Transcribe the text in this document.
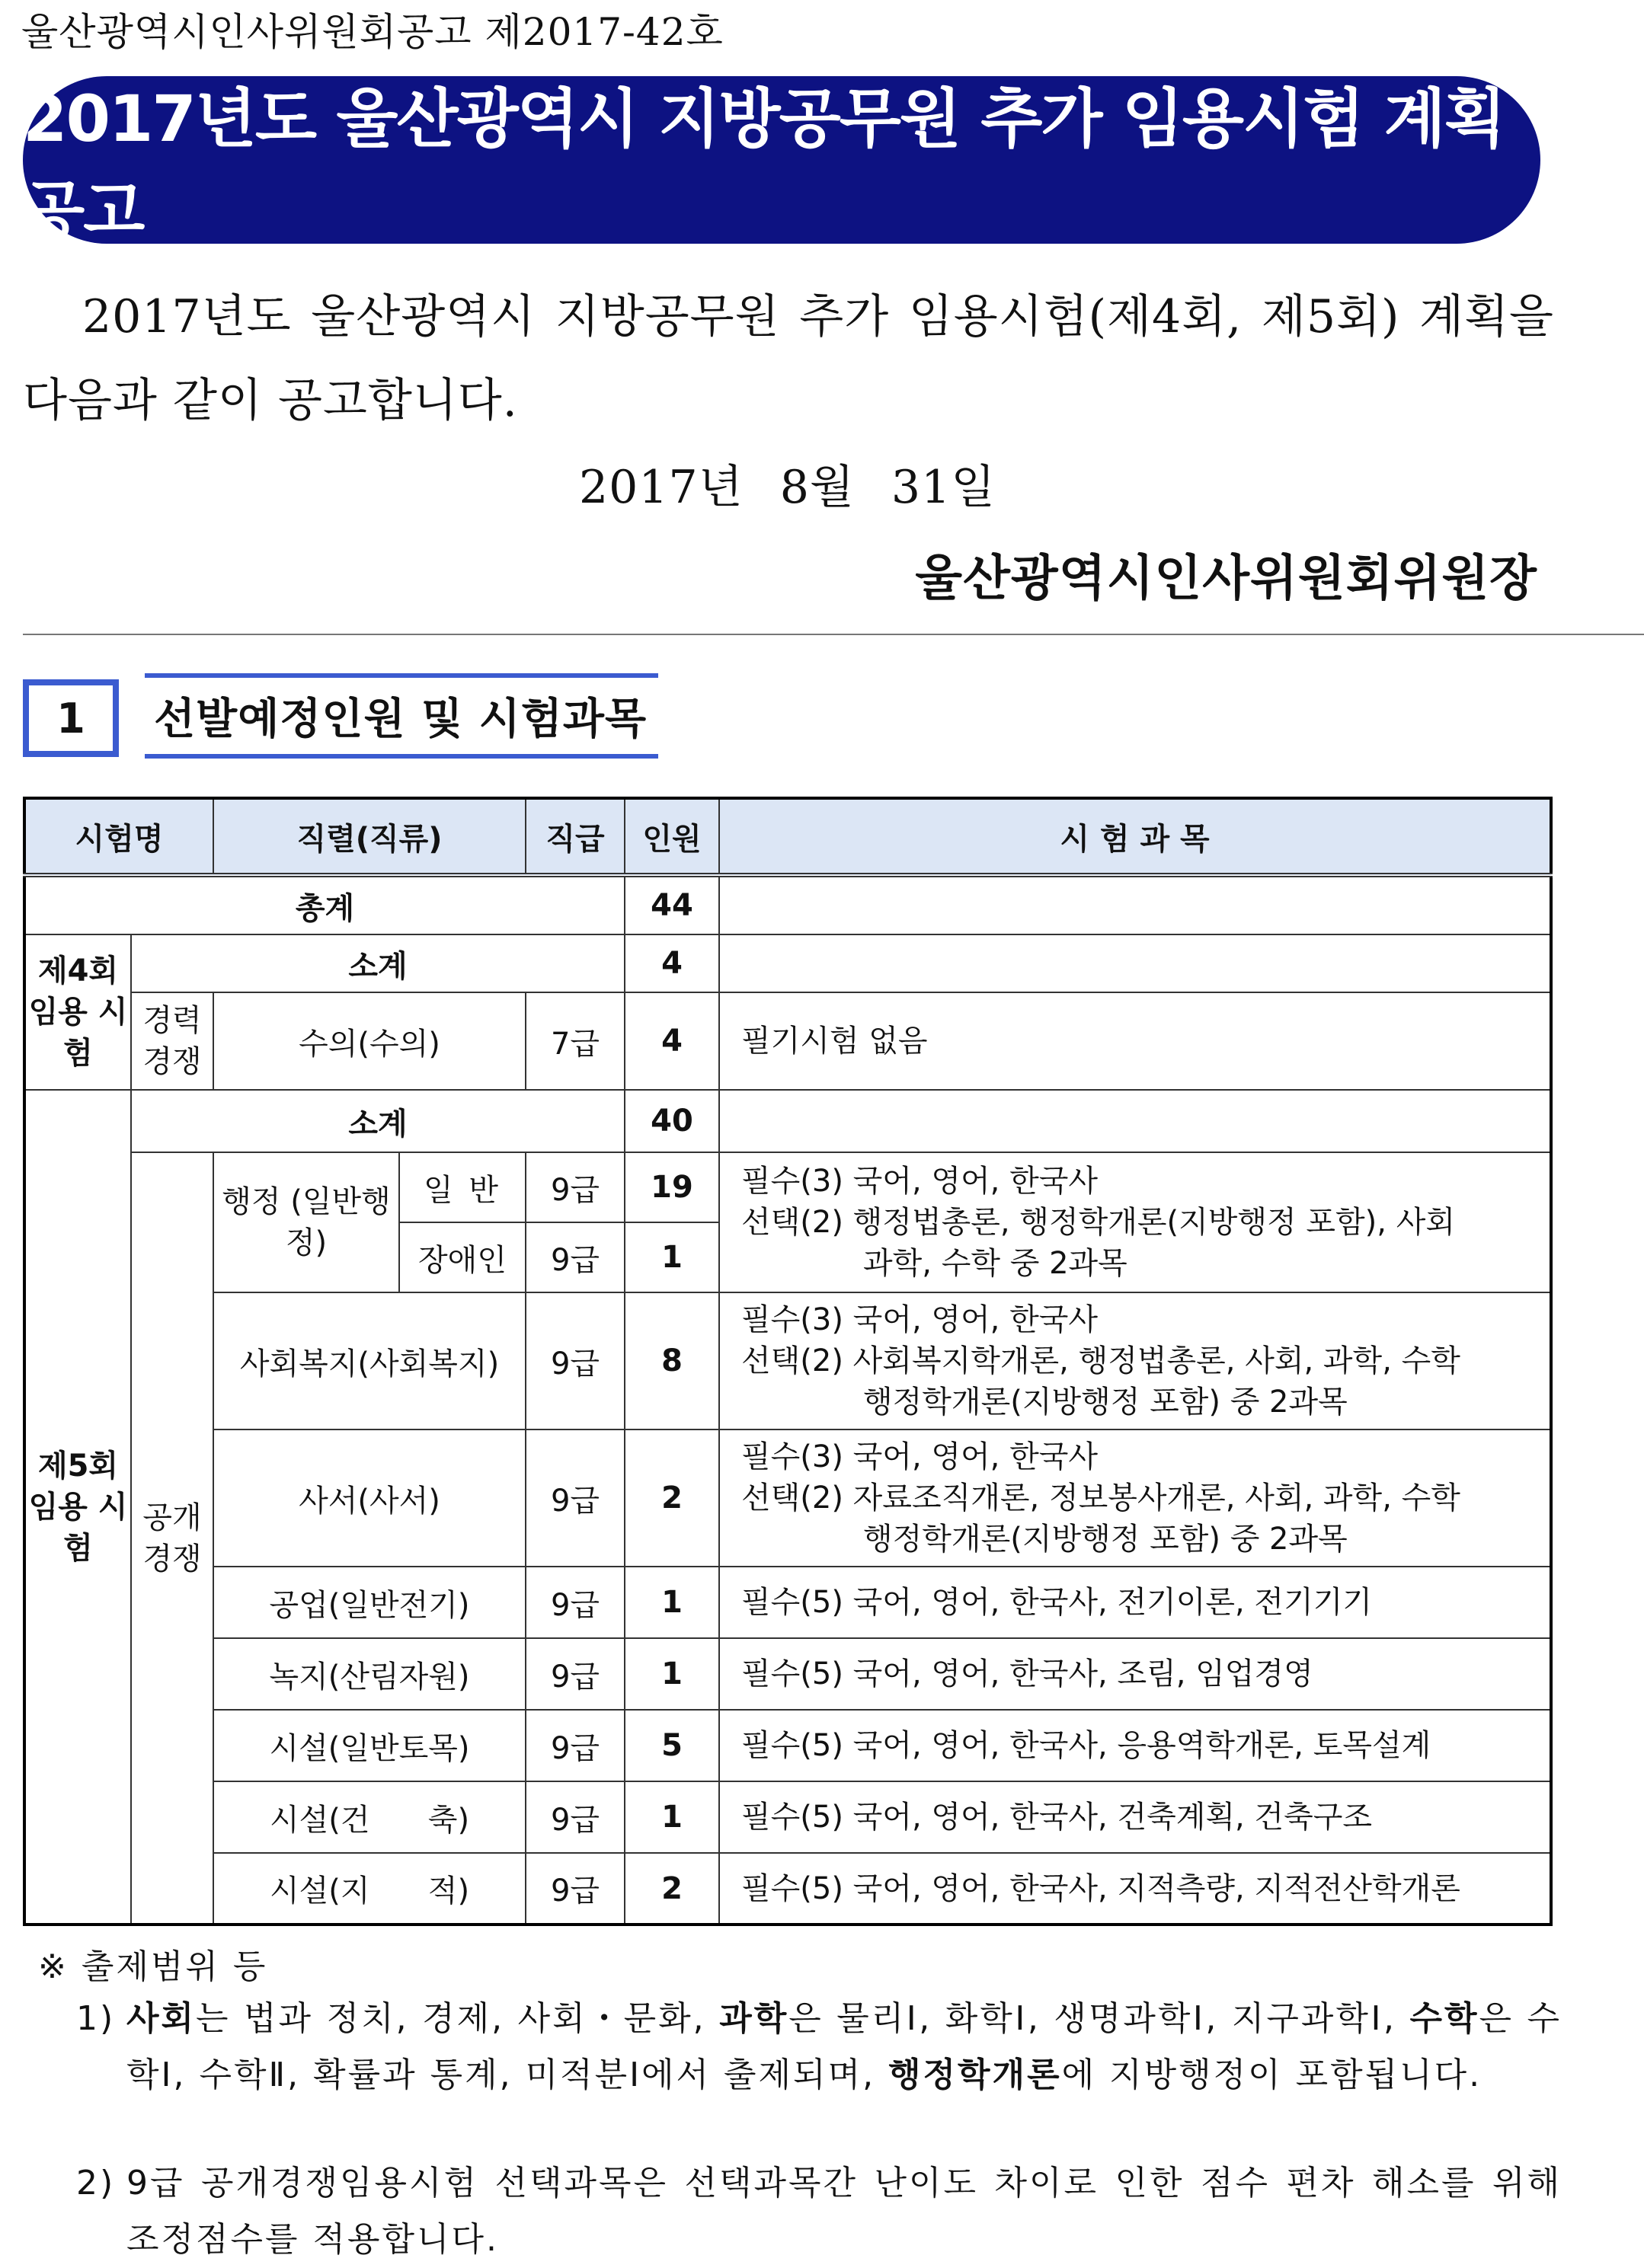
울산광역시인사위원회공고 제2017-42호
2017년도 울산광역시 지방공무원 추가 임용시험 계획 공고
2017년도 울산광역시 지방공무원 추가 임용시험(제4회, 제5회) 계획을
다음과 같이 공고합니다.
2017년 8월 31일
울산광역시인사위원회위원장
1 선발예정인원 및 시험과목
시험명		직렬(직류)		직급	인원	시 험 과 목
총계					44	
제4회 임용 시험	소계				4	
	경력 경쟁	수의(수의)		7급	4	필기시험 없음
제5회 임용 시험	소계				40	
	공개 경쟁	행정 (일반행정)	일 반	9급	19	필수(3) 국어, 영어, 한국사
선택(2) 행정법총론, 행정학개론(지방행정 포함), 사회
과학, 수학 중 2과목

			장애인	9급	1	
		사회복지(사회복지)		9급	8	필수(3) 국어, 영어, 한국사
선택(2) 사회복지학개론, 행정법총론, 사회, 과학, 수학
행정학개론(지방행정 포함) 중 2과목

		사서(사서)		9급	2	필수(3) 국어, 영어, 한국사
선택(2) 자료조직개론, 정보봉사개론, 사회, 과학, 수학
행정학개론(지방행정 포함) 중 2과목

		공업(일반전기)		9급	1	필수(5) 국어, 영어, 한국사, 전기이론, 전기기기
		녹지(산림자원)		9급	1	필수(5) 국어, 영어, 한국사, 조림, 임업경영
		시설(일반토목)		9급	5	필수(5) 국어, 영어, 한국사, 응용역학개론, 토목설계
		시설(건      축)		9급	1	필수(5) 국어, 영어, 한국사, 건축계획, 건축구조
		시설(지      적)		9급	2	필수(5) 국어, 영어, 한국사, 지적측량, 지적전산학개론
※ 출제범위 등
1) 사회는 법과 정치, 경제, 사회・문화, 과학은 물리Ⅰ, 화학Ⅰ, 생명과학Ⅰ, 지구과학Ⅰ, 수학은 수학Ⅰ, 수학Ⅱ, 확률과 통계, 미적분Ⅰ에서 출제되며, 행정학개론에 지방행정이 포함됩니다.
2) 9급 공개경쟁임용시험 선택과목은 선택과목간 난이도 차이로 인한 점수 편차 해소를 위해 조정점수를 적용합니다.
